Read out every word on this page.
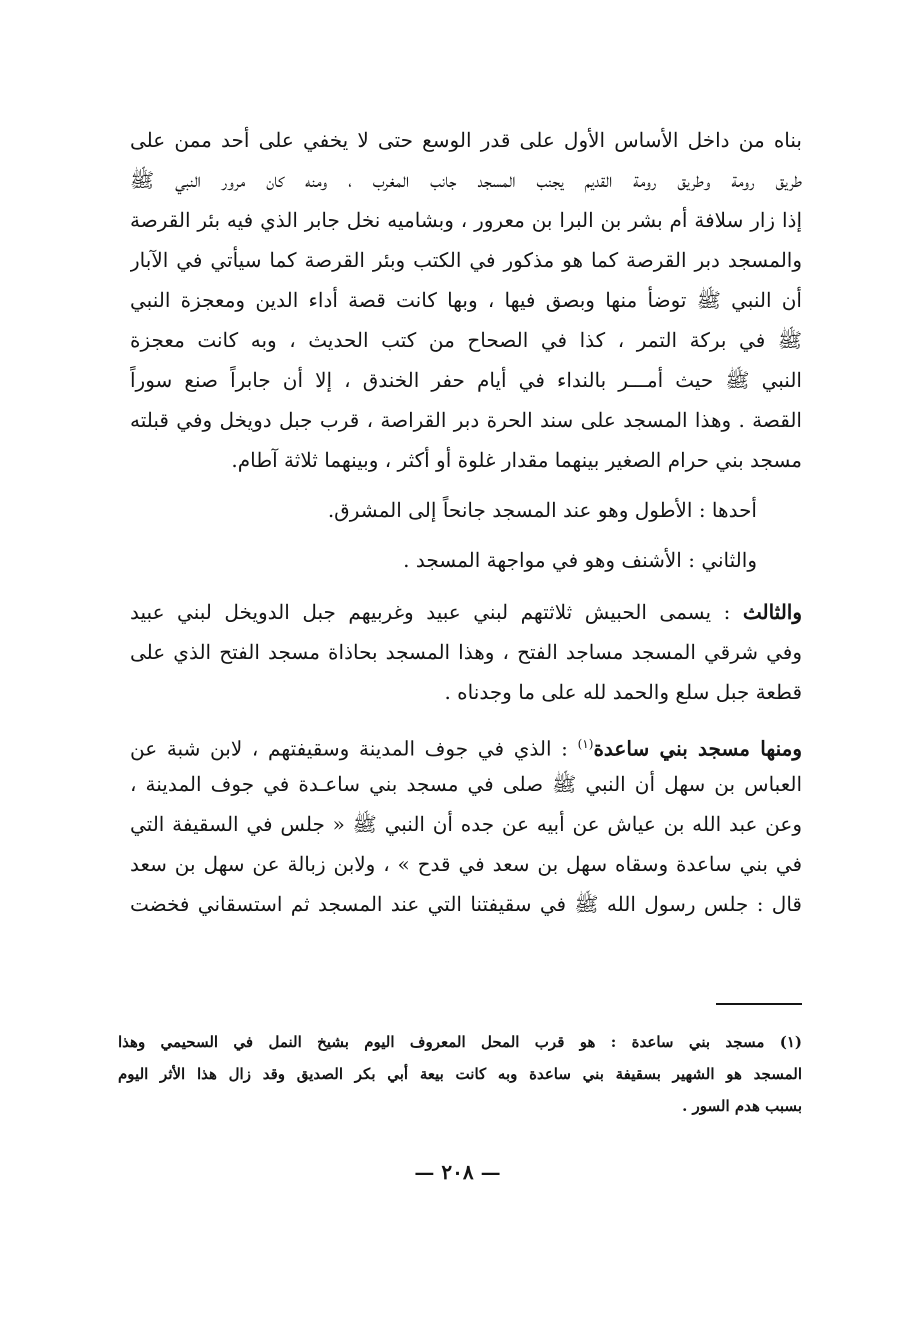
بناه من داخل الأساس الأول على قدر الوسع حتى لا يخفي على أحد ممن على
طريق رومة وطريق رومة القديم يجنب المسجد جانب المغرب ، ومنه كان مرور النبي ﷺ
إذا زار سلافة أم بشر بن البرا بن معرور ، وبشاميه نخل جابر الذي فيه بئر القرصة
والمسجد دبر القرصة كما هو مذكور في الكتب وبئر القرصة كما سيأتي في الآبار
أن النبي ﷺ توضأ منها وبصق فيها ، وبها كانت قصة أداء الدين ومعجزة النبي
ﷺ في بركة التمر ، كذا في الصحاح من كتب الحديث ، وبه كانت معجزة
النبي ﷺ حيث أمـــر بالنداء في أيام حفر الخندق ، إلا أن جابراً صنع سوراً
القصة . وهذا المسجد على سند الحرة دبر القراصة ، قرب جبل دويخل وفي قبلته
مسجد بني حرام الصغير بينهما مقدار غلوة أو أكثر ، وبينهما ثلاثة آطام.
أحدها : الأطول وهو عند المسجد جانحاً إلى المشرق.
والثاني : الأشنف وهو في مواجهة المسجد .
والثالث : يسمى الحبيش ثلاثتهم لبني عبيد وغربيهم جبل الدويخل لبني عبيد
وفي شرقي المسجد مساجد الفتح ، وهذا المسجد بحاذاة مسجد الفتح الذي على
قطعة جبل سلع والحمد لله على ما وجدناه .
ومنها مسجد بني ساعدة$^{(١)}$ : الذي في جوف المدينة وسقيفتهم ، لابن شبة عن
العباس بن سهل أن النبي ﷺ صلى في مسجد بني ساعـدة في جوف المدينة ،
وعن عبد الله بن عياش عن أبيه عن جده أن النبي ﷺ « جلس في السقيفة التي
في بني ساعدة وسقاه سهل بن سعد في قدح » ، ولابن زبالة عن سهل بن سعد
قال : جلس رسول الله ﷺ في سقيفتنا التي عند المسجد ثم استسقاني فخضت
(١) مسجد بني ساعدة : هو قرب المحل المعروف اليوم بشيخ النمل في السحيمي وهذا
المسجد هو الشهير بسقيفة بني ساعدة وبه كانت بيعة أبي بكر الصديق وقد زال هذا الأثر اليوم
بسبب هدم السور .
— ٢٠٨ —
